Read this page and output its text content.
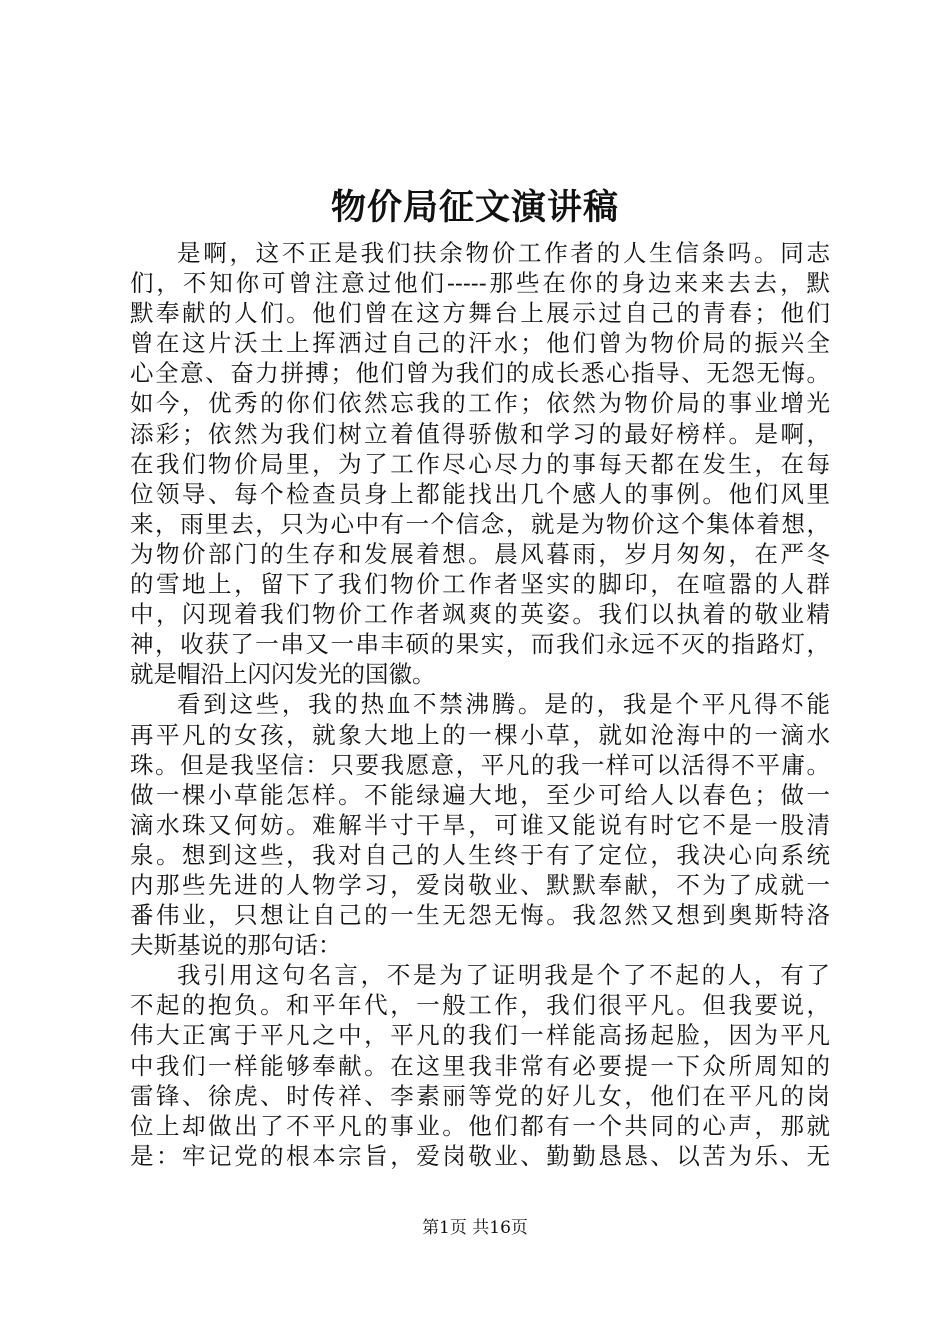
物价局征文演讲稿
是啊，这不正是我们扶余物价工作者的人生信条吗。同志
们，不知你可曾注意过他们-----那些在你的身边来来去去，默
默奉献的人们。他们曾在这方舞台上展示过自己的青春；他们
曾在这片沃土上挥洒过自己的汗水；他们曾为物价局的振兴全
心全意、奋力拼搏；他们曾为我们的成长悉心指导、无怨无悔。
如今，优秀的你们依然忘我的工作；依然为物价局的事业增光
添彩；依然为我们树立着值得骄傲和学习的最好榜样。是啊，
在我们物价局里，为了工作尽心尽力的事每天都在发生，在每
位领导、每个检查员身上都能找出几个感人的事例。他们风里
来，雨里去，只为心中有一个信念，就是为物价这个集体着想，
为物价部门的生存和发展着想。晨风暮雨，岁月匆匆，在严冬
的雪地上，留下了我们物价工作者坚实的脚印，在喧嚣的人群
中，闪现着我们物价工作者飒爽的英姿。我们以执着的敬业精
神，收获了一串又一串丰硕的果实，而我们永远不灭的指路灯，
就是帽沿上闪闪发光的国徽。
看到这些，我的热血不禁沸腾。是的，我是个平凡得不能
再平凡的女孩，就象大地上的一棵小草，就如沧海中的一滴水
珠。但是我坚信：只要我愿意，平凡的我一样可以活得不平庸。
做一棵小草能怎样。不能绿遍大地，至少可给人以春色；做一
滴水珠又何妨。难解半寸干旱，可谁又能说有时它不是一股清
泉。想到这些，我对自己的人生终于有了定位，我决心向系统
内那些先进的人物学习，爱岗敬业、默默奉献，不为了成就一
番伟业，只想让自己的一生无怨无悔。我忽然又想到奥斯特洛
夫斯基说的那句话：
我引用这句名言，不是为了证明我是个了不起的人，有了
不起的抱负。和平年代，一般工作，我们很平凡。但我要说，
伟大正寓于平凡之中，平凡的我们一样能高扬起脸，因为平凡
中我们一样能够奉献。在这里我非常有必要提一下众所周知的
雷锋、徐虎、时传祥、李素丽等党的好儿女，他们在平凡的岗
位上却做出了不平凡的事业。他们都有一个共同的心声，那就
是：牢记党的根本宗旨，爱岗敬业、勤勤恳恳、以苦为乐、无
第1页 共16页
